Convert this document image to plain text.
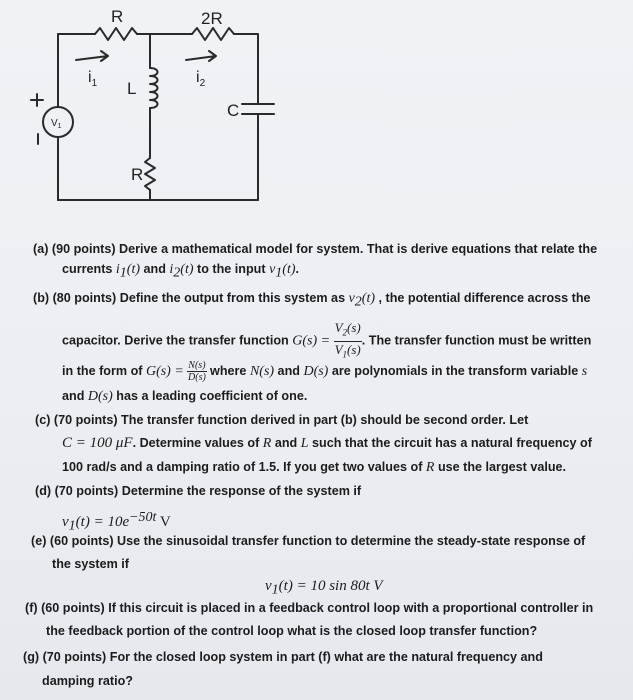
R	2R
$i_1$	$i_2$
L
C
R
$V_1$
(a) (90 points) Derive a mathematical model for system. That is derive equations that relate the
currents $i_1(t)$ and $i_2(t)$ to the input $v_1(t)$.
(b) (80 points) Define the output from this system as $v_2(t)$ , the potential difference across the
capacitor. Derive the transfer function $G(s) = \frac{V_2(s)}{V_1(s)}$ . The transfer function must be written
in the form of $G(s) = \frac{N(s)}{D(s)}$ where N(s) and D(s) are polynomials in the transform variable s
and D(s) has a leading coefficient of one.
(c) (70 points) The transfer function derived in part (b) should be second order. Let
C = 100 μF. Determine values of R and L such that the circuit has a natural frequency of
100 rad/s and a damping ratio of 1.5. If you get two values of R use the largest value.
(d) (70 points) Determine the response of the system if
$v_1(t) = 10e^{-50t}$ V
(e) (60 points) Use the sinusoidal transfer function to determine the steady-state response of
the system if
$v_1(t) = 10$ sin 80t V
(f) (60 points) If this circuit is placed in a feedback control loop with a proportional controller in
the feedback portion of the control loop what is the closed loop transfer function?
(g) (70 points) For the closed loop system in part (f) what are the natural frequency and
damping ratio?
